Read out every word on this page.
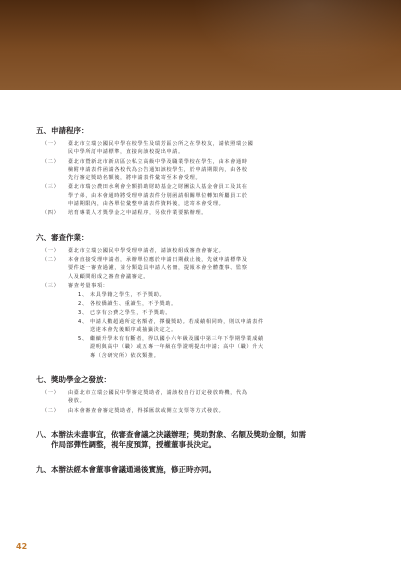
五、申請程序：
（一）	臺北市立瑞公國民中學在校學生及瑞芳區公所之在學校友，請依照瑞公國
民中學所訂申請標準，直接向該校提出申請。
（二）	臺北市暨新北市新店區公私立高級中學及職業學校在學生，由本會通時
檢附申請表件函請各校代為公告通知該校學生，於申請期限內，由各校
先行審定獎助名額後，將申請表件彙寄至本會受理。
（三）	臺北市瑞公農田水利會全額捐助財助基金之財團法人基金會員工及其在
學子弟，由本會通時將受理申請表件分別函請相關單位轉知所屬員工於
申請期限內，由各單位彙整申請表件資料後，送寄本會受理。
（四）	培育專業人才獎學金之申請程序，另依作業要點辦理。
六、審查作業：
（一）	臺北市立瑞公國民中學受理申請者，請該校組成審查會審定。
（二）	本會直接受理申請者，承辦單位應於申請日期截止後，先就申請標準及
要件逐一審查過濾，並分類造具申請人名冊，提報本會全體董事、監察
人及顧問組成之審查會議審定。
（三）	審查考量事項：
1、 未具學籍之學生，不予獎助。
2、 各校僑讀生、重讀生，不予獎助。
3、 已享有公費之學生，不予獎助。
4、 申請人數超過所定名額者，擇優獎助。若成績相同時，則以申請表件
送達本會先後順序或抽籤決定之。
5、 繼續升學未有有斷者，得以國小六年級及國中第三年下學期學業成績
證明與高中（職）或五專一年級在學證明提出申請；高中（職）升大
專（含研究所）依次類推。
七、獎助學金之發放：
（一）	由臺北市立瑞公國民中學審定獎助者，請該校自行訂定發放時機，代為
發放。
（二）	由本會審查會審定獎助者，得採匯款或開立支票等方式發放。
八、本辦法未盡事宜，依審查會議之決議辦理；獎助對象、名額及獎助金額，如需
　　作局部彈性調整，視年度預算，授權董事長決定。
九、本辦法經本會董事會議通過後實施，修正時亦同。
42
